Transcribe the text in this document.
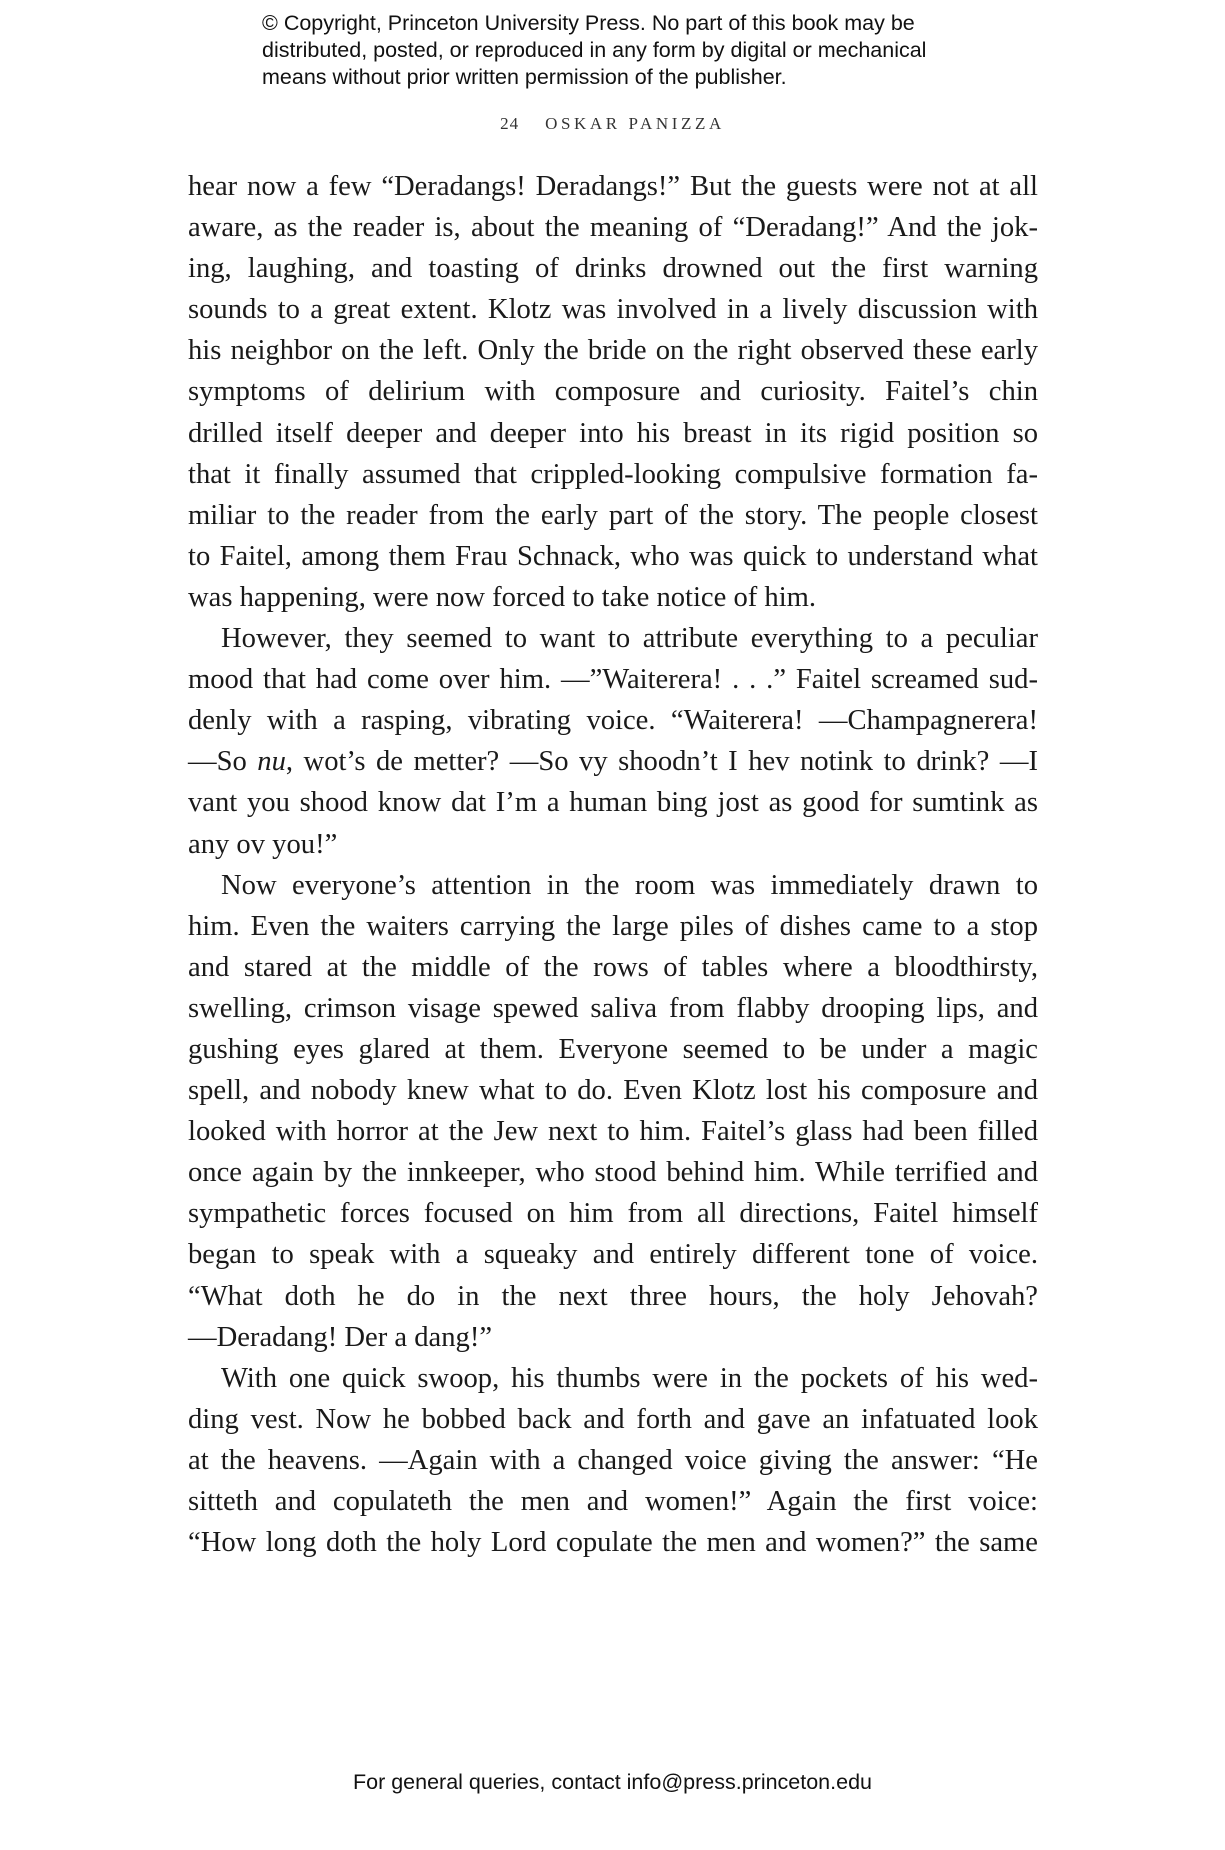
© Copyright, Princeton University Press. No part of this book may be
distributed, posted, or reproduced in any form by digital or mechanical
means without prior written permission of the publisher.
24 OSKAR PANIZZA
hear now a few “Deradangs! Deradangs!” But the guests were not at all
aware, as the reader is, about the meaning of “Deradang!” And the jok-
ing, laughing, and toasting of drinks drowned out the first warning
sounds to a great extent. Klotz was involved in a lively discussion with
his neighbor on the left. Only the bride on the right observed these early
symptoms of delirium with composure and curiosity. Faitel’s chin
drilled itself deeper and deeper into his breast in its rigid position so
that it finally assumed that crippled-looking compulsive formation fa-
miliar to the reader from the early part of the story. The people closest
to Faitel, among them Frau Schnack, who was quick to understand what
was happening, were now forced to take notice of him.
However, they seemed to want to attribute everything to a peculiar
mood that had come over him. —”Waiterera! . . .” Faitel screamed sud-
denly with a rasping, vibrating voice. “Waiterera! —Champagnerera!
—So nu, wot’s de metter? —So vy shoodn’t I hev notink to drink? —I
vant you shood know dat I’m a human bing jost as good for sumtink as
any ov you!”
Now everyone’s attention in the room was immediately drawn to
him. Even the waiters carrying the large piles of dishes came to a stop
and stared at the middle of the rows of tables where a bloodthirsty,
swelling, crimson visage spewed saliva from flabby drooping lips, and
gushing eyes glared at them. Everyone seemed to be under a magic
spell, and nobody knew what to do. Even Klotz lost his composure and
looked with horror at the Jew next to him. Faitel’s glass had been filled
once again by the innkeeper, who stood behind him. While terrified and
sympathetic forces focused on him from all directions, Faitel himself
began to speak with a squeaky and entirely different tone of voice.
“What doth he do in the next three hours, the holy Jehovah?
—Deradang! Der a dang!”
With one quick swoop, his thumbs were in the pockets of his wed-
ding vest. Now he bobbed back and forth and gave an infatuated look
at the heavens. —Again with a changed voice giving the answer: “He
sitteth and copulateth the men and women!” Again the first voice:
“How long doth the holy Lord copulate the men and women?” the same
For general queries, contact info@press.princeton.edu
